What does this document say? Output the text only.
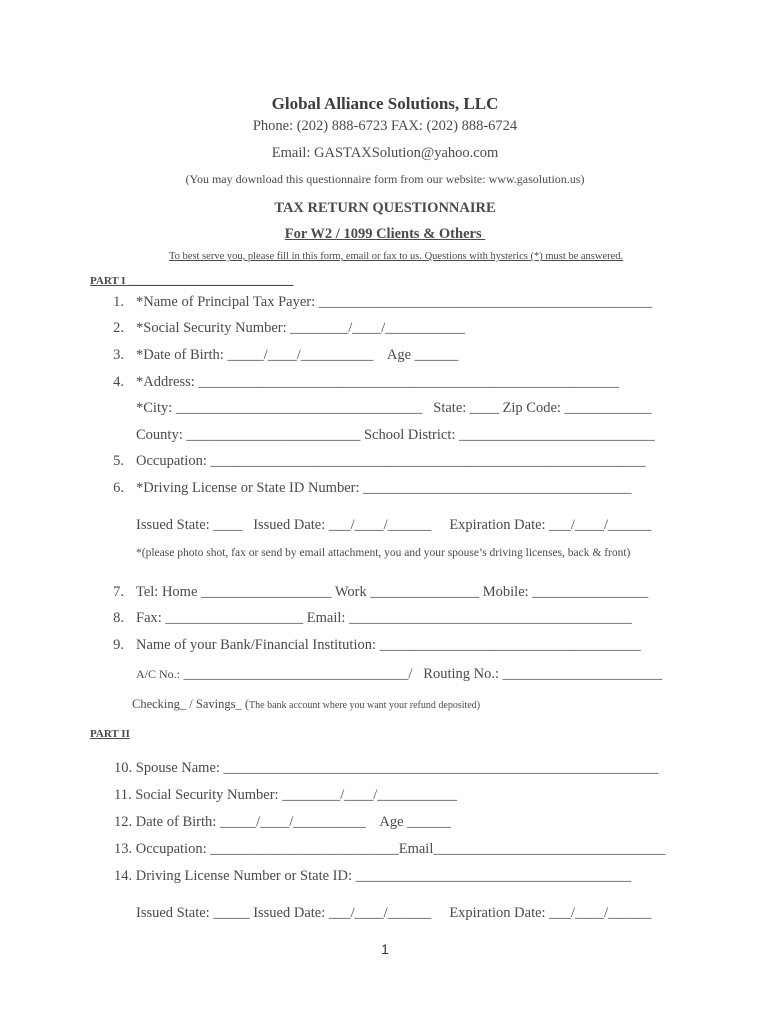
Global Alliance Solutions, LLC
Phone: (202) 888-6723 FAX: (202) 888-6724
Email: GASTAXSolution@yahoo.com
(You may download this questionnaire form from our website: www.gasolution.us)
TAX RETURN QUESTIONNAIRE
For W2 / 1099 Clients & Others
To best serve you, please fill in this form, email or fax to us. Questions with hysterics (*) must be answered.
PART I ______________________________
1. *Name of Principal Tax Payer: ______________________________________________
2. *Social Security Number: ________/____/___________
3. *Date of Birth: _____/____/__________    Age ______
4. *Address: __________________________________________________________
*City: __________________________________   State: ____ Zip Code: ____________
County: ________________________ School District: ___________________________
5. Occupation: ____________________________________________________________
6. *Driving License or State ID Number: _____________________________________
Issued State: ____   Issued Date: ___/____/______     Expiration Date: ___/____/______
*(please photo shot, fax or send by email attachment, you and your spouse’s driving licenses, back & front)
7. Tel: Home __________________ Work _______________ Mobile: ________________
8. Fax: ___________________ Email: _______________________________________
9. Name of your Bank/Financial Institution: ____________________________________
A/C No.: _______________________________/   Routing No.: ______________________
Checking_ / Savings_ (The bank account where you want your refund deposited)
PART II
10. Spouse Name: ____________________________________________________________
11. Social Security Number: ________/____/___________
12. Date of Birth: _____/____/__________    Age ______
13. Occupation: __________________________Email________________________________
14. Driving License Number or State ID: ______________________________________
Issued State: _____ Issued Date: ___/____/______     Expiration Date: ___/____/______
1
